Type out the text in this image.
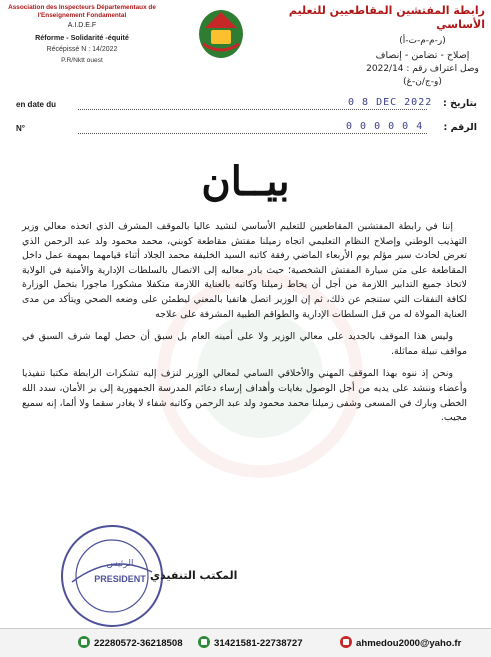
Association des Inspecteurs Départementaux de l'Enseignement Fondamental
A.I.D.E.F
Réforme - Solidarité -équité
Récépissé N : 14/2022
P.R/Nktt ouest
رابطة المفتشين المقاطعيين للتعليم الأساسي
(ر-م-م-ت-أ)
إصلاح - تضامن - إنصاف
وصل اعتراف رقم : 2022/14
(و-ج/ن-غ)
en date du	0 8 DEC 2022 بتاريخ :
N°	0 0 0 0 0 4 الرقم :
بيــان

إننا في رابطة المفتشين المقاطعيين للتعليم الأساسي لنشيد عاليا بالموقف المشرف الذي اتخذه معالي وزير التهذيب الوطني وإصلاح النظام التعليمي اتجاه زميلنا مفتش مقاطعة كوبني، محمد محمود ولد عبد الرحمن الذي تعرض لحادث سير مؤلم يوم الأربعاء الماضي رفقة كاتبه السيد الخليفة محمد الجلاد أثناء قيامهما بمهمة عمل داخل المقاطعة على متن سيارة المفتش الشخصية؛ حيث بادر معاليه إلى الاتصال بالسلطات الإدارية والأمنية في الولاية لاتخاذ جميع التدابير اللازمة من أجل أن يحاط زميلنا وكاتبه بالعناية اللازمة متكفلا مشكورا ماجورا بتحمل الوزارة لكافة النفقات التي ستنجم عن ذلك، ثم إن الوزير اتصل هاتفيا بالمعني ليطمئن على وضعه الصحي ويتأكد من مدى العناية المولاة له من قبل السلطات الإدارية والطواقم الطبية المشرفة على علاجه

وليس هذا الموقف بالجديد على معالي الوزير ولا على أمينه العام بل سبق أن حصل لهما شرف السبق في مواقف نبيلة مماثلة.

ونحن إذ ننوه بهذا الموقف المهني والأخلاقي السامي لمعالي الوزير لنزف إليه تشكرات الرابطة مكتبا تنفيذيا وأعضاء وننشد على يديه من أجل الوصول بغايات وأهداف إرساء دعائم المدرسة الجمهورية إلى بر الأمان، سدد الله الخطى وبارك في المسعى وشفى زميلنا محمد محمود ولد عبد الرحمن وكاتبه شفاء لا يغادر سقما ولا ألما، إنه سميع مجيب.

الرئيس
PRESIDENT المكتب التنفيذي
22280572-36218508	31421581-22738727	ahmedou2000@yaho.fr
